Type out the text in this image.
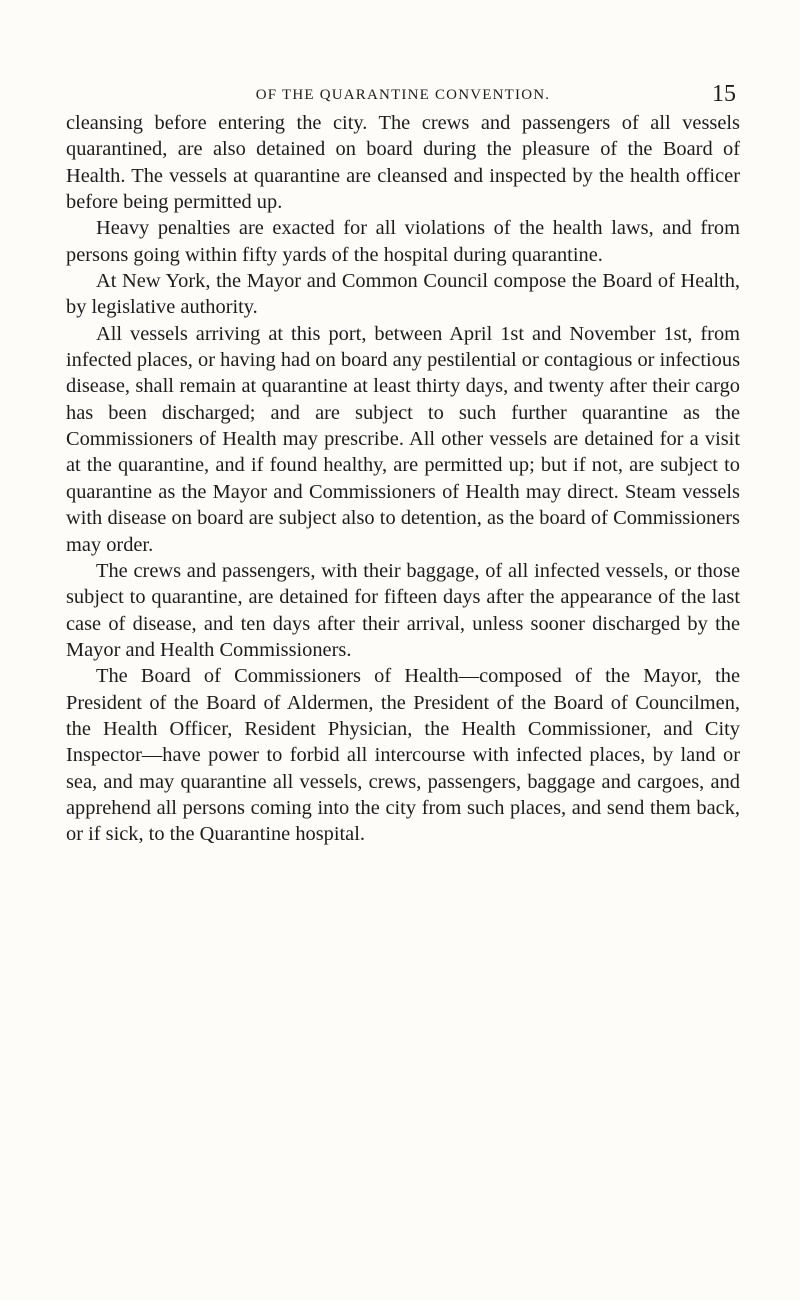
OF THE QUARANTINE CONVENTION.	15

cleansing before entering the city. The crews and passengers of all vessels quarantined, are also detained on board during the pleasure of the Board of Health. The vessels at quarantine are cleansed and inspected by the health officer before being permitted up.

Heavy penalties are exacted for all violations of the health laws, and from persons going within fifty yards of the hospital during quarantine.

At New York, the Mayor and Common Council compose the Board of Health, by legislative authority.

All vessels arriving at this port, between April 1st and November 1st, from infected places, or having had on board any pestilential or contagious or infectious disease, shall remain at quarantine at least thirty days, and twenty after their cargo has been discharged; and are subject to such further quarantine as the Commissioners of Health may prescribe. All other vessels are detained for a visit at the quarantine, and if found healthy, are permitted up; but if not, are subject to quarantine as the Mayor and Commissioners of Health may direct. Steam vessels with disease on board are subject also to detention, as the board of Commissioners may order.

The crews and passengers, with their baggage, of all infected vessels, or those subject to quarantine, are detained for fifteen days after the appearance of the last case of disease, and ten days after their arrival, unless sooner discharged by the Mayor and Health Commissioners.

The Board of Commissioners of Health—composed of the Mayor, the President of the Board of Aldermen, the President of the Board of Councilmen, the Health Officer, Resident Physician, the Health Commissioner, and City Inspector—have power to forbid all intercourse with infected places, by land or sea, and may quarantine all vessels, crews, passengers, baggage and cargoes, and apprehend all persons coming into the city from such places, and send them back, or if sick, to the Quarantine hospital.
